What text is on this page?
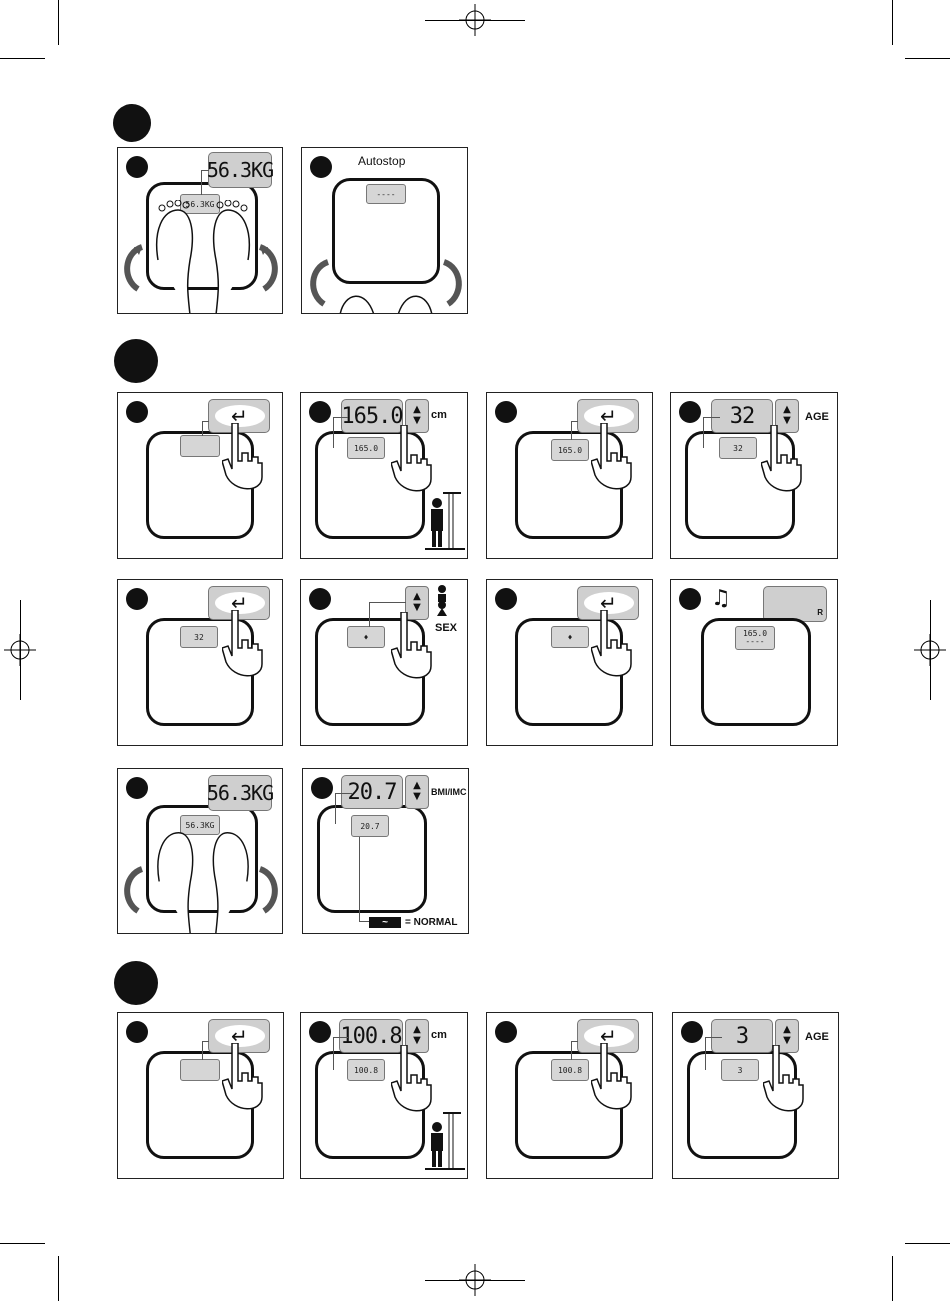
56.3KG
56.3KG	Autostop
----
↵
165.0
165.0	▲
▼ cm
165.0
↵
32
32	▲
▼	AGE
32
↵
♦
▲
▼
SEX
♦
↵	♫
R
165.0
----
56.3KG
56.3KG
20.7
20.7	▲
▼	BMI/IMC
~	= NORMAL
↵
100.8
100.8	▲
▼ cm
100.8
↵
3
3	▲
▼	AGE
